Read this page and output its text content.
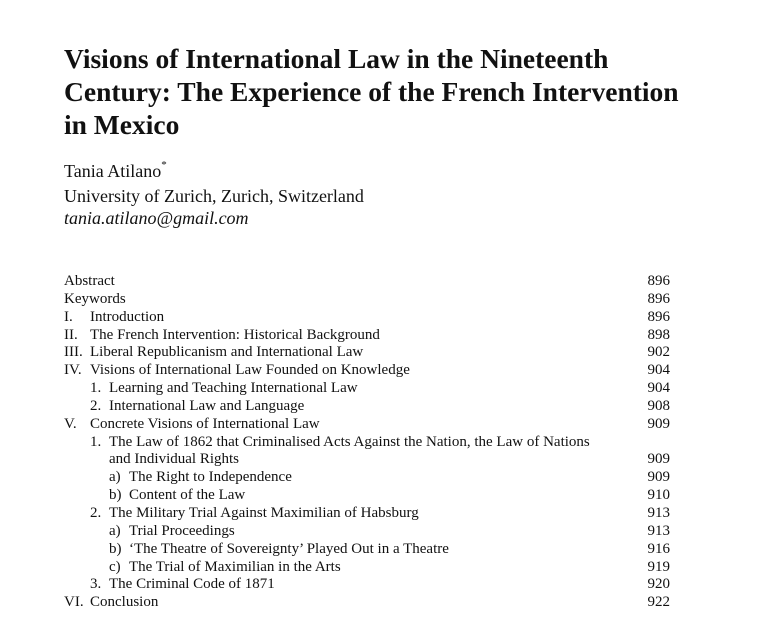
Visions of International Law in the Nineteenth Century: The Experience of the French Intervention in Mexico
Tania Atilano*
University of Zurich, Zurich, Switzerland
tania.atilano@gmail.com
Abstract	896
Keywords	896
I. Introduction	896
II. The French Intervention: Historical Background	898
III. Liberal Republicanism and International Law	902
IV. Visions of International Law Founded on Knowledge	904
1. Learning and Teaching International Law	904
2. International Law and Language	908
V. Concrete Visions of International Law	909
1. The Law of 1862 that Criminalised Acts Against the Nation, the Law of Nations
and Individual Rights	909
a) The Right to Independence	909
b) Content of the Law	910
2. The Military Trial Against Maximilian of Habsburg	913
a) Trial Proceedings	913
b) ‘The Theatre of Sovereignty’ Played Out in a Theatre	916
c) The Trial of Maximilian in the Arts	919
3. The Criminal Code of 1871	920
VI. Conclusion	922
